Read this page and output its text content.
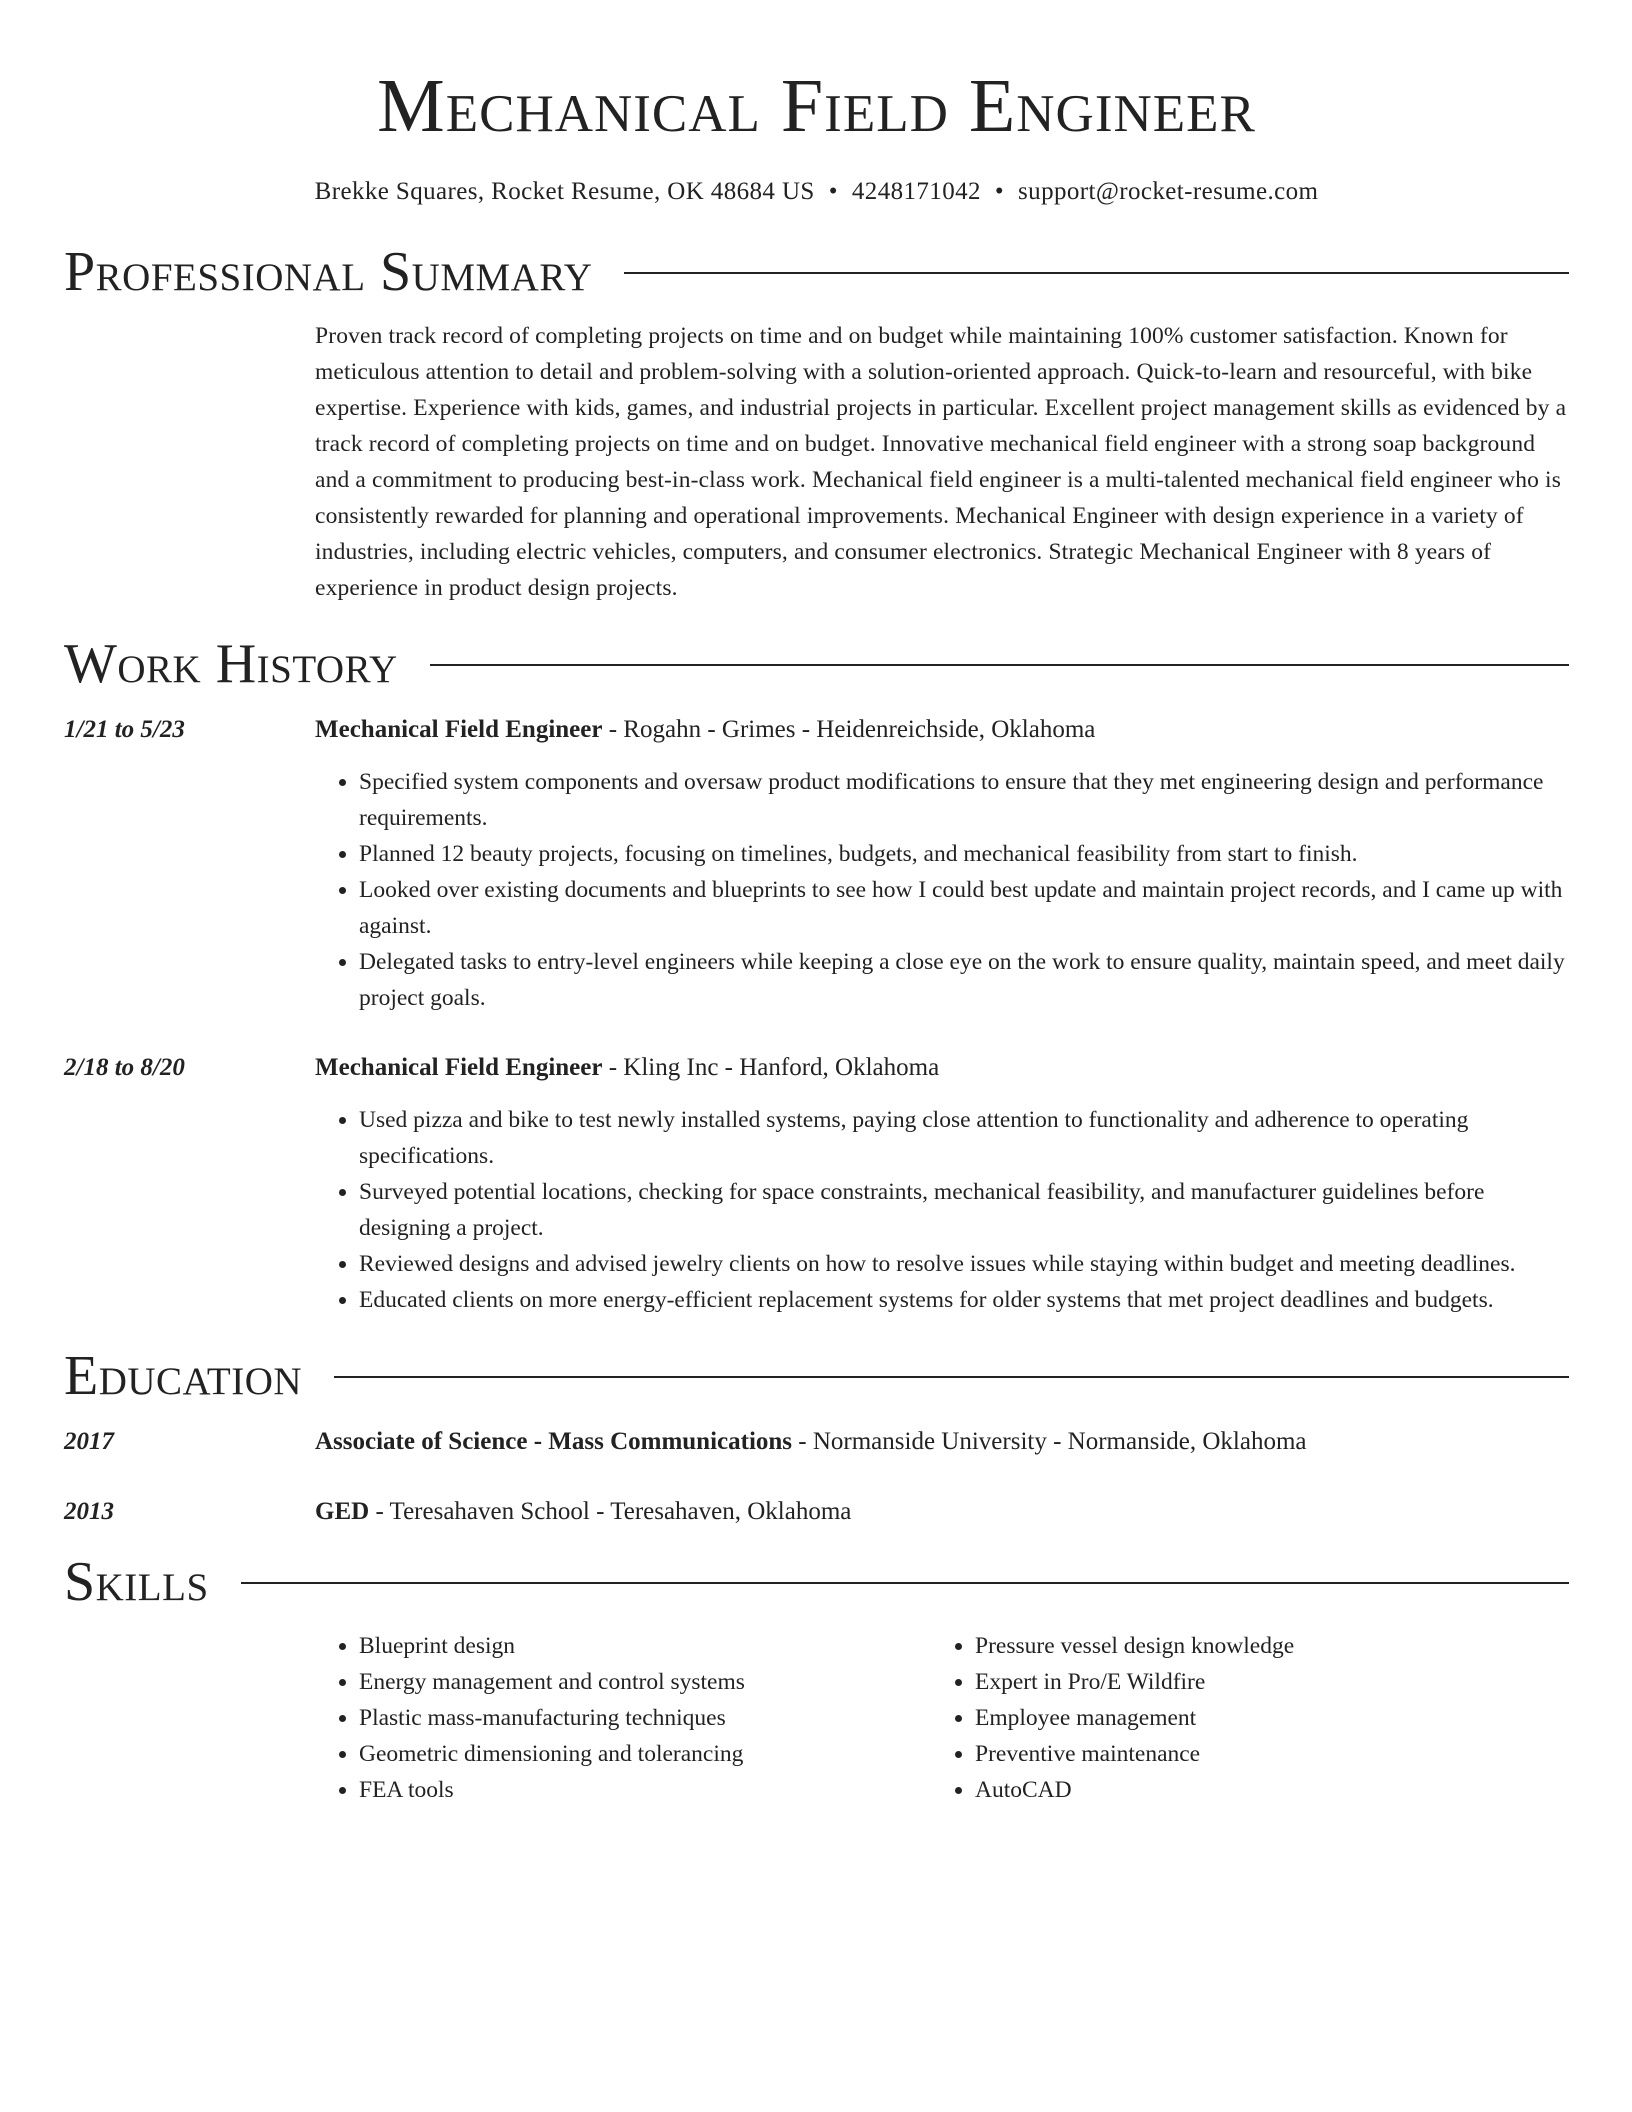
Mechanical Field Engineer
Brekke Squares, Rocket Resume, OK 48684 US • 4248171042 • support@rocket-resume.com
Professional Summary
Proven track record of completing projects on time and on budget while maintaining 100% customer satisfaction. Known for meticulous attention to detail and problem-solving with a solution-oriented approach. Quick-to-learn and resourceful, with bike expertise. Experience with kids, games, and industrial projects in particular. Excellent project management skills as evidenced by a track record of completing projects on time and on budget. Innovative mechanical field engineer with a strong soap background and a commitment to producing best-in-class work. Mechanical field engineer is a multi-talented mechanical field engineer who is consistently rewarded for planning and operational improvements. Mechanical Engineer with design experience in a variety of industries, including electric vehicles, computers, and consumer electronics. Strategic Mechanical Engineer with 8 years of experience in product design projects.
Work History
1/21 to 5/23	Mechanical Field Engineer - Rogahn - Grimes - Heidenreichside, Oklahoma
• Specified system components and oversaw product modifications to ensure that they met engineering design and performance requirements.
• Planned 12 beauty projects, focusing on timelines, budgets, and mechanical feasibility from start to finish.
• Looked over existing documents and blueprints to see how I could best update and maintain project records, and I came up with against.
• Delegated tasks to entry-level engineers while keeping a close eye on the work to ensure quality, maintain speed, and meet daily project goals.
2/18 to 8/20	Mechanical Field Engineer - Kling Inc - Hanford, Oklahoma
• Used pizza and bike to test newly installed systems, paying close attention to functionality and adherence to operating specifications.
• Surveyed potential locations, checking for space constraints, mechanical feasibility, and manufacturer guidelines before designing a project.
• Reviewed designs and advised jewelry clients on how to resolve issues while staying within budget and meeting deadlines.
• Educated clients on more energy-efficient replacement systems for older systems that met project deadlines and budgets.
Education
2017	Associate of Science - Mass Communications - Normanside University - Normanside, Oklahoma
2013	GED - Teresahaven School - Teresahaven, Oklahoma
Skills
• Blueprint design
• Energy management and control systems
• Plastic mass-manufacturing techniques
• Geometric dimensioning and tolerancing
• FEA tools
• Pressure vessel design knowledge
• Expert in Pro/E Wildfire
• Employee management
• Preventive maintenance
• AutoCAD
